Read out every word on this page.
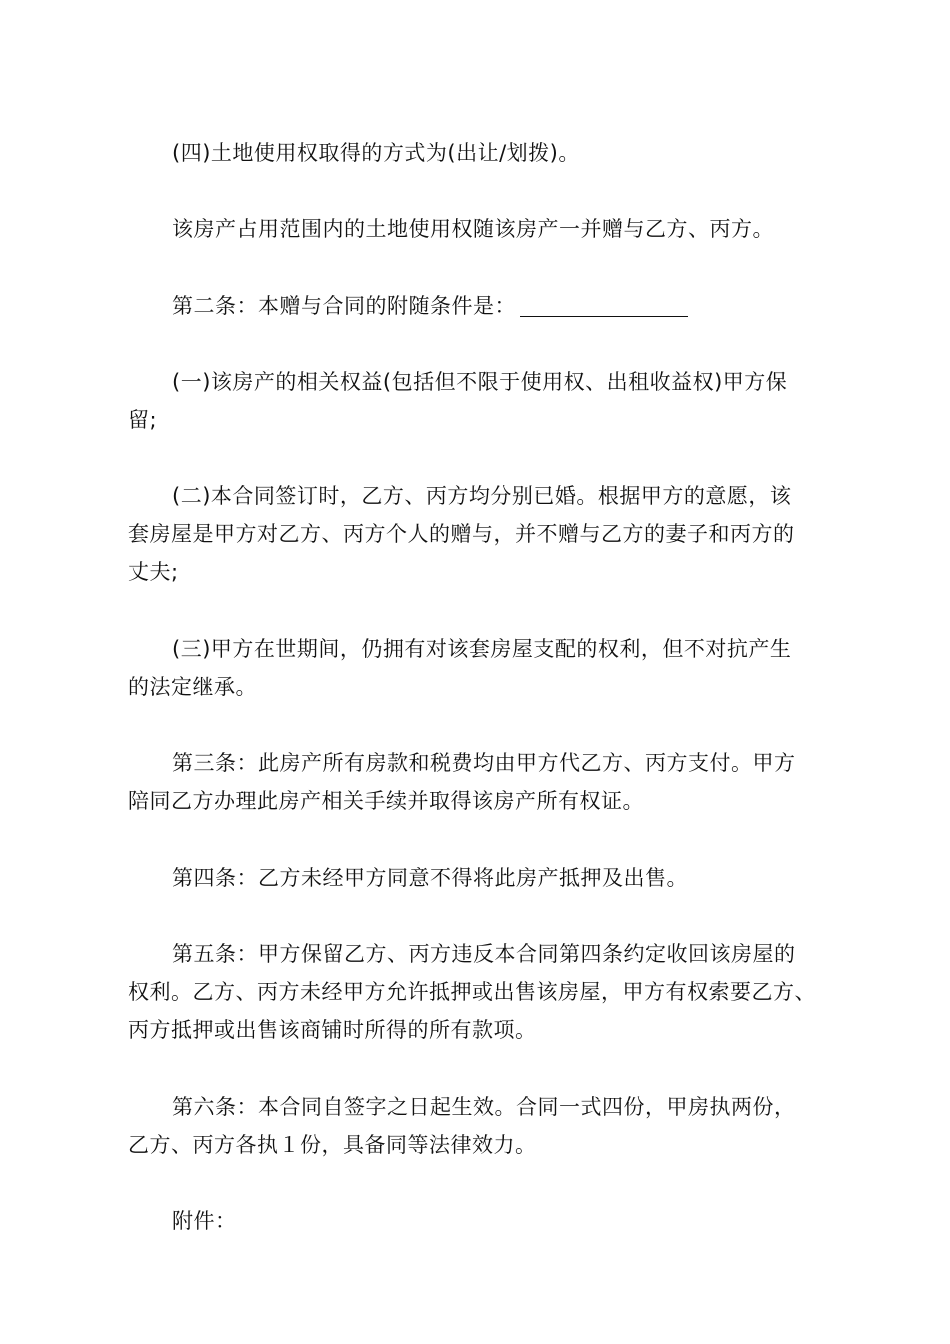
(四)土地使用权取得的方式为(出让/划拨)。
该房产占用范围内的土地使用权随该房产一并赠与乙方、丙方。
第二条：本赠与合同的附随条件是：
(一)该房产的相关权益(包括但不限于使用权、出租收益权)甲方保
留;
(二)本合同签订时，乙方、丙方均分别已婚。根据甲方的意愿，该
套房屋是甲方对乙方、丙方个人的赠与，并不赠与乙方的妻子和丙方的
丈夫;
(三)甲方在世期间，仍拥有对该套房屋支配的权利，但不对抗产生
的法定继承。
第三条：此房产所有房款和税费均由甲方代乙方、丙方支付。甲方
陪同乙方办理此房产相关手续并取得该房产所有权证。
第四条：乙方未经甲方同意不得将此房产抵押及出售。
第五条：甲方保留乙方、丙方违反本合同第四条约定收回该房屋的
权利。乙方、丙方未经甲方允许抵押或出售该房屋，甲方有权索要乙方、
丙方抵押或出售该商铺时所得的所有款项。
第六条：本合同自签字之日起生效。合同一式四份，甲房执两份，
乙方、丙方各执１份，具备同等法律效力。
附件：
